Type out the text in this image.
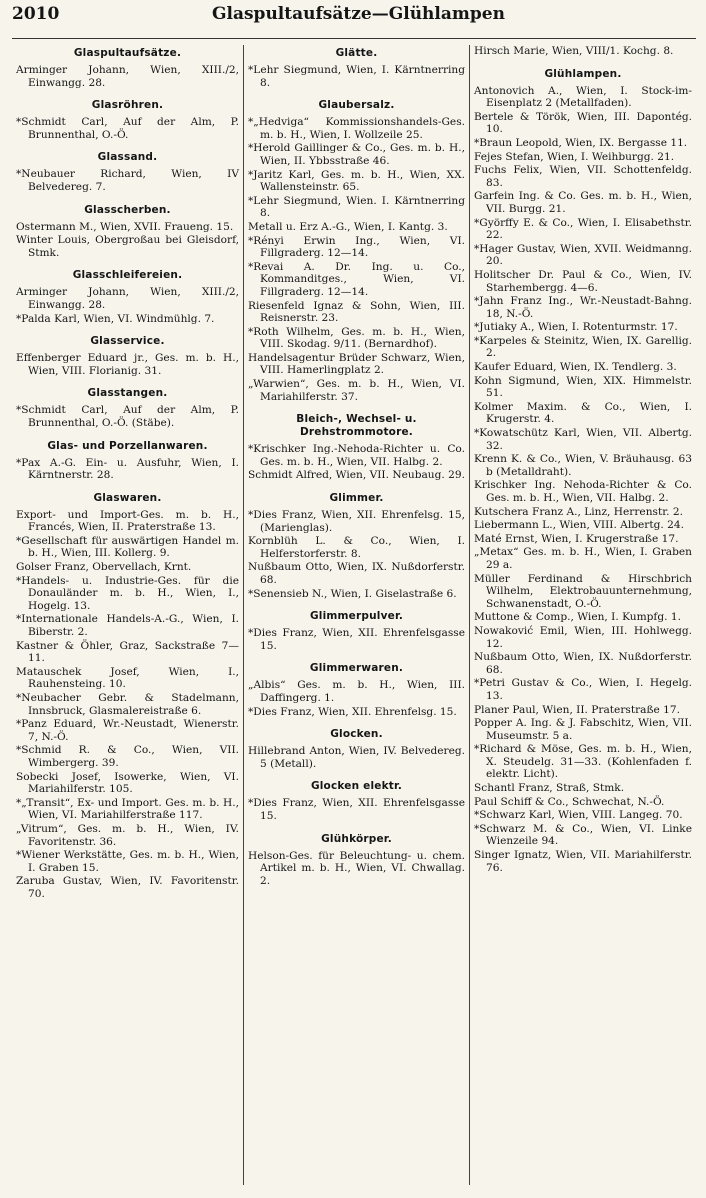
2010	Glaspultaufsätze—Glühlampen
Glaspultaufsätze.
Arminger Johann, Wien, XIII./2, Einwangg. 28.
Glasröhren.
*Schmidt Carl, Auf der Alm, P. Brunnenthal, O.-Ö.
Glassand.
*Neubauer Richard, Wien, IV Belvedereg. 7.
Glasscherben.
Ostermann M., Wien, XVII. Fraueng. 15.
Winter Louis, Obergroßau bei Gleisdorf, Stmk.
Glasschleifereien.
Arminger Johann, Wien, XIII./2, Einwangg. 28.
*Palda Karl, Wien, VI. Windmühlg. 7.
Glasservice.
Effenberger Eduard jr., Ges. m. b. H., Wien, VIII. Florianig. 31.
Glasstangen.
*Schmidt Carl, Auf der Alm, P. Brunnenthal, O.-Ö. (Stäbe).
Glas- und Porzellanwaren.
*Pax A.-G. Ein- u. Ausfuhr, Wien, I. Kärntnerstr. 28.
Glaswaren.
Export- und Import-Ges. m. b. H., Francés, Wien, II. Praterstraße 13.
*Gesellschaft für auswärtigen Handel m. b. H., Wien, III. Kollerg. 9.
Golser Franz, Obervellach, Krnt.
*Handels- u. Industrie-Ges. für die Donauländer m. b. H., Wien, I., Hogelg. 13.
*Internationale Handels-A.-G., Wien, I. Biberstr. 2.
Kastner & Öhler, Graz, Sackstraße 7—11.
Matauschek Josef, Wien, I., Rauhensteing. 10.
*Neubacher Gebr. & Stadelmann, Innsbruck, Glasmalereistraße 6.
*Panz Eduard, Wr.-Neustadt, Wienerstr. 7, N.-Ö.
*Schmid R. & Co., Wien, VII. Wimbergerg. 39.
Sobecki Josef, Isowerke, Wien, VI. Mariahilferstr. 105.
*„Transit“, Ex- und Import. Ges. m. b. H., Wien, VI. Mariahilferstraße 117.
„Vitrum“, Ges. m. b. H., Wien, IV. Favoritenstr. 36.
*Wiener Werkstätte, Ges. m. b. H., Wien, I. Graben 15.
Zaruba Gustav, Wien, IV. Favoritenstr. 70.
Glätte.
*Lehr Siegmund, Wien, I. Kärntnerring 8.
Glaubersalz.
*„Hedviga“ Kommissionshandels-Ges. m. b. H., Wien, I. Wollzeile 25.
*Herold Gaillinger & Co., Ges. m. b. H., Wien, II. Ybbsstraße 46.
*Jaritz Karl, Ges. m. b. H., Wien, XX. Wallensteinstr. 65.
*Lehr Siegmund, Wien. I. Kärntnerring 8.
Metall u. Erz A.-G., Wien, I. Kantg. 3.
*Rényi Erwin Ing., Wien, VI. Fillgraderg. 12—14.
*Revai A. Dr. Ing. u. Co., Kommanditges., Wien, VI. Fillgraderg. 12—14.
Riesenfeld Ignaz & Sohn, Wien, III. Reisnerstr. 23.
*Roth Wilhelm, Ges. m. b. H., Wien, VIII. Skodag. 9/11. (Bernardhof).
Handelsagentur Brüder Schwarz, Wien, VIII. Hamerlingplatz 2.
„Warwien“, Ges. m. b. H., Wien, VI. Mariahilferstr. 37.
Bleich-, Wechsel- u. Drehstrommotore.
*Krischker Ing.-Nehoda-Richter u. Co. Ges. m. b. H., Wien, VII. Halbg. 2.
Schmidt Alfred, Wien, VII. Neubaug. 29.
Glimmer.
*Dies Franz, Wien, XII. Ehrenfelsg. 15, (Marienglas).
Kornblüh L. & Co., Wien, I. Helferstorferstr. 8.
Nußbaum Otto, Wien, IX. Nußdorferstr. 68.
*Senensieb N., Wien, I. Giselastraße 6.
Glimmerpulver.
*Dies Franz, Wien, XII. Ehrenfelsgasse 15.
Glimmerwaren.
„Albis“ Ges. m. b. H., Wien, III. Daffingerg. 1.
*Dies Franz, Wien, XII. Ehrenfelsg. 15.
Glocken.
Hillebrand Anton, Wien, IV. Belvedereg. 5 (Metall).
Glocken elektr.
*Dies Franz, Wien, XII. Ehrenfelsgasse 15.
Glühkörper.
Helson-Ges. für Beleuchtung- u. chem. Artikel m. b. H., Wien, VI. Chwallag. 2.
Hirsch Marie, Wien, VIII/1. Kochg. 8.
Glühlampen.
Antonovich A., Wien, I. Stock-im-Eisenplatz 2 (Metallfaden).
Bertele & Török, Wien, III. Dapontég. 10.
*Braun Leopold, Wien, IX. Bergasse 11.
Fejes Stefan, Wien, I. Weihburgg. 21.
Fuchs Felix, Wien, VII. Schottenfeldg. 83.
Garfein Ing. & Co. Ges. m. b. H., Wien, VII. Burgg. 21.
*Györffy E. & Co., Wien, I. Elisabethstr. 22.
*Hager Gustav, Wien, XVII. Weidmanng. 20.
Holitscher Dr. Paul & Co., Wien, IV. Starhembergg. 4—6.
*Jahn Franz Ing., Wr.-Neustadt-Bahng. 18, N.-Ö.
*Jutiaky A., Wien, I. Rotenturmstr. 17.
*Karpeles & Steinitz, Wien, IX. Garellig. 2.
Kaufer Eduard, Wien, IX. Tendlerg. 3.
Kohn Sigmund, Wien, XIX. Himmelstr. 51.
Kolmer Maxim. & Co., Wien, I. Krugerstr. 4.
*Kowatschütz Karl, Wien, VII. Albertg. 32.
Krenn K. & Co., Wien, V. Bräuhausg. 63 b (Metalldraht).
Krischker Ing. Nehoda-Richter & Co. Ges. m. b. H., Wien, VII. Halbg. 2.
Kutschera Franz A., Linz, Herrenstr. 2.
Liebermann L., Wien, VIII. Albertg. 24.
Maté Ernst, Wien, I. Krugerstraße 17.
„Metax“ Ges. m. b. H., Wien, I. Graben 29 a.
Müller Ferdinand & Hirschbrich Wilhelm, Elektrobauunternehmung, Schwanenstadt, O.-Ö.
Muttone & Comp., Wien, I. Kumpfg. 1.
Nowaković Emil, Wien, III. Hohlwegg. 12.
Nußbaum Otto, Wien, IX. Nußdorferstr. 68.
*Petri Gustav & Co., Wien, I. Hegelg. 13.
Planer Paul, Wien, II. Praterstraße 17.
Popper A. Ing. & J. Fabschitz, Wien, VII. Museumstr. 5 a.
*Richard & Möse, Ges. m. b. H., Wien, X. Steudelg. 31—33. (Kohlenfaden f. elektr. Licht).
Schantl Franz, Straß, Stmk.
Paul Schiff & Co., Schwechat, N.-Ö.
*Schwarz Karl, Wien, VIII. Langeg. 70.
*Schwarz M. & Co., Wien, VI. Linke Wienzeile 94.
Singer Ignatz, Wien, VII. Mariahilferstr. 76.
